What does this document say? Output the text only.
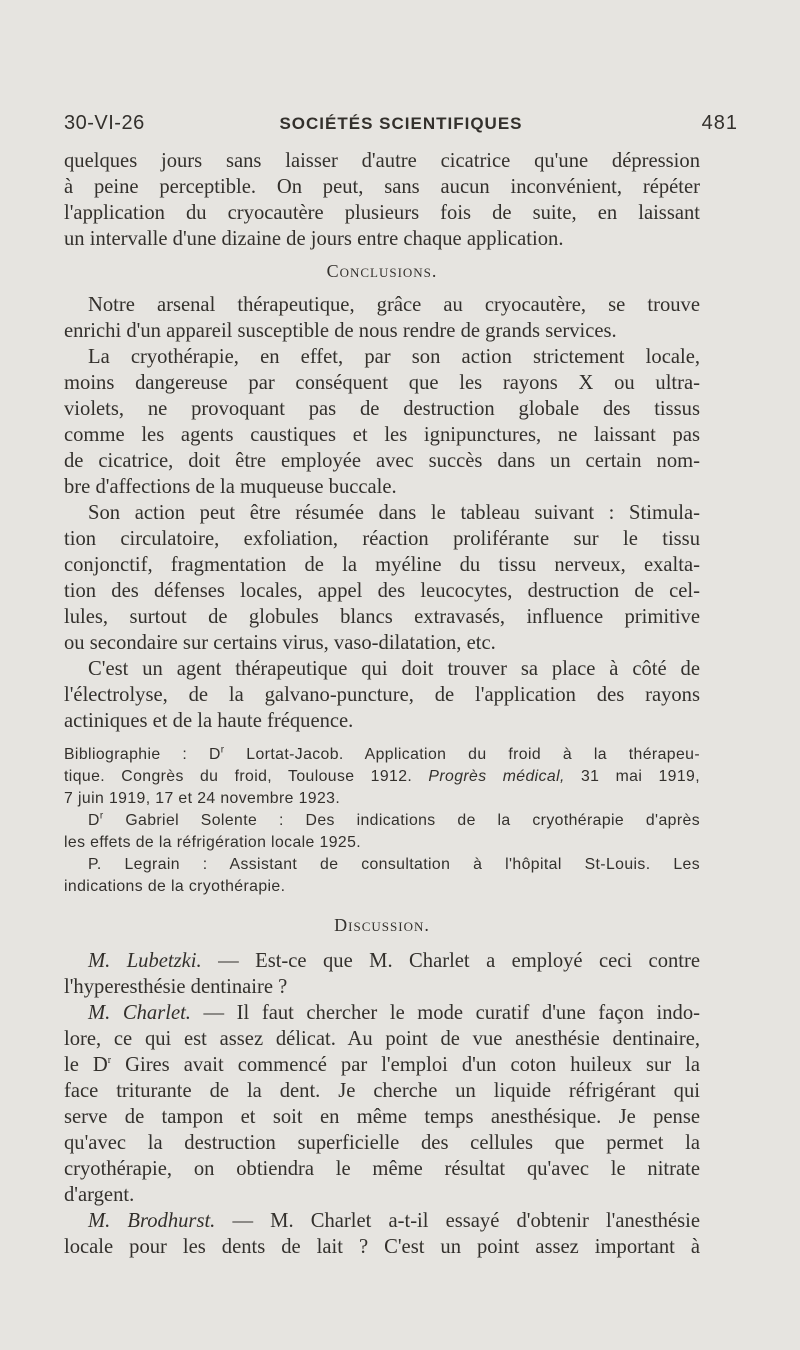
30-VI-26	SOCIÉTÉS SCIENTIFIQUES	481
quelques jours sans laisser d'autre cicatrice qu'une dépression
à peine perceptible. On peut, sans aucun inconvénient, répéter
l'application du cryocautère plusieurs fois de suite, en laissant
un intervalle d'une dizaine de jours entre chaque application.
Conclusions.
Notre arsenal thérapeutique, grâce au cryocautère, se trouve
enrichi d'un appareil susceptible de nous rendre de grands services.
La cryothérapie, en effet, par son action strictement locale,
moins dangereuse par conséquent que les rayons X ou ultra-
violets, ne provoquant pas de destruction globale des tissus
comme les agents caustiques et les ignipunctures, ne laissant pas
de cicatrice, doit être employée avec succès dans un certain nom-
bre d'affections de la muqueuse buccale.
Son action peut être résumée dans le tableau suivant : Stimula-
tion circulatoire, exfoliation, réaction proliférante sur le tissu
conjonctif, fragmentation de la myéline du tissu nerveux, exalta-
tion des défenses locales, appel des leucocytes, destruction de cel-
lules, surtout de globules blancs extravasés, influence primitive
ou secondaire sur certains virus, vaso-dilatation, etc.
C'est un agent thérapeutique qui doit trouver sa place à côté de
l'électrolyse, de la galvano-puncture, de l'application des rayons
actiniques et de la haute fréquence.
Bibliographie : $D^r$ Lortat-Jacob. Application du froid à la thérapeu-
tique. Congrès du froid, Toulouse 1912. Progrès médical, 31 mai 1919,
7 juin 1919, 17 et 24 novembre 1923.
$D^r$ Gabriel Solente : Des indications de la cryothérapie d'après
les effets de la réfrigération locale 1925.
P. Legrain : Assistant de consultation à l'hôpital St-Louis. Les
indications de la cryothérapie.
Discussion.
M. Lubetzki. — Est-ce que M. Charlet a employé ceci contre
l'hyperesthésie dentinaire ?
M. Charlet. — Il faut chercher le mode curatif d'une façon indo-
lore, ce qui est assez délicat. Au point de vue anesthésie dentinaire,
le $D^r$ Gires avait commencé par l'emploi d'un coton huileux sur la
face triturante de la dent. Je cherche un liquide réfrigérant qui
serve de tampon et soit en même temps anesthésique. Je pense
qu'avec la destruction superficielle des cellules que permet la
cryothérapie, on obtiendra le même résultat qu'avec le nitrate
d'argent.
M. Brodhurst. — M. Charlet a-t-il essayé d'obtenir l'anesthésie
locale pour les dents de lait ? C'est un point assez important à
